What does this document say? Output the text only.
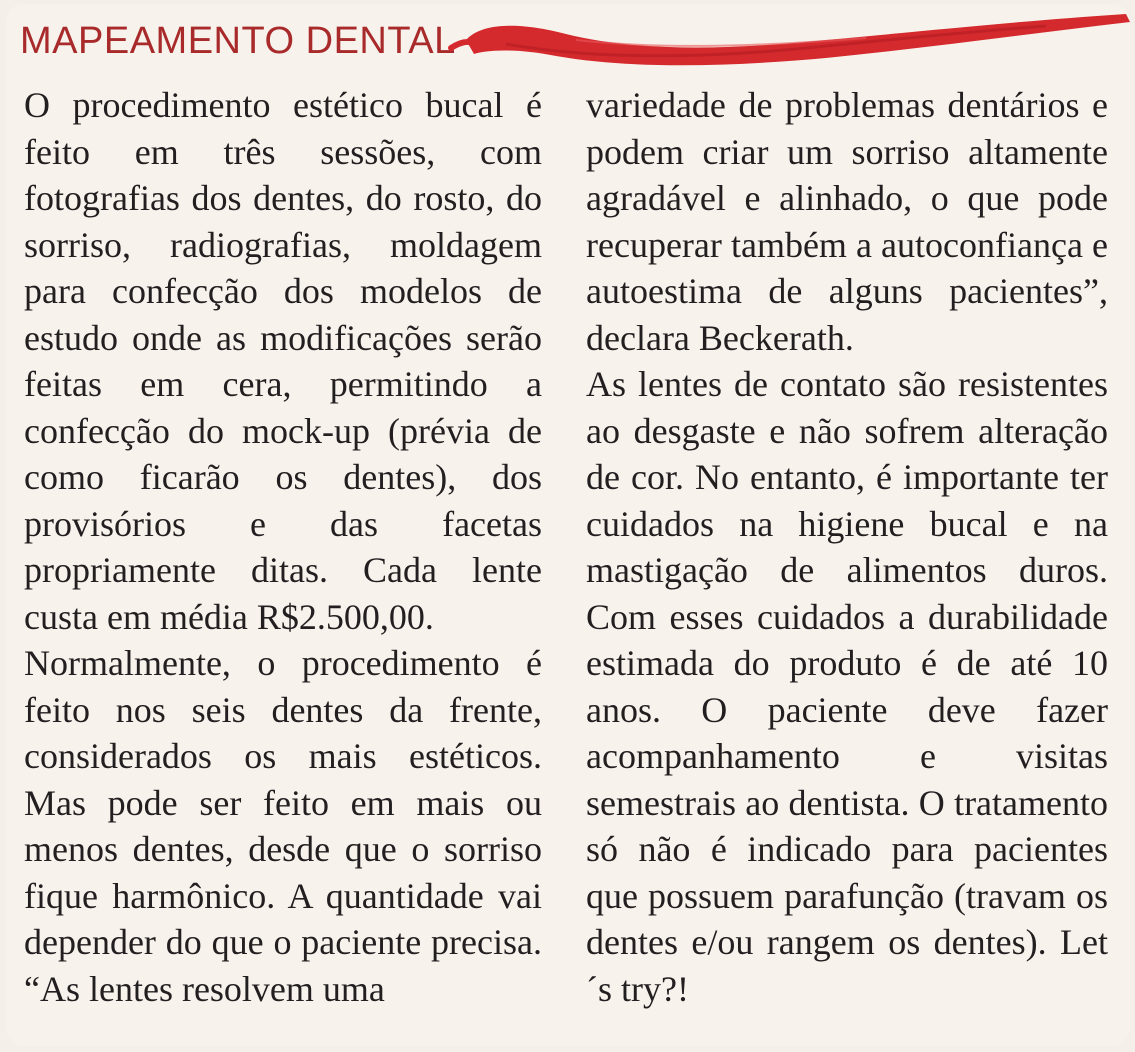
MAPEAMENTO DENTAL

O procedimento estético bucal é feito em três sessões, com fotografias dos dentes, do rosto, do sorriso, radiografias, moldagem para confecção dos modelos de estudo onde as modificações serão feitas em cera, permitindo a confecção do mock-up (prévia de como ficarão os dentes), dos provisórios e das facetas propriamente ditas. Cada lente custa em média R$2.500,00.

Normalmente, o procedimento é feito nos seis dentes da frente, considerados os mais estéticos. Mas pode ser feito em mais ou menos dentes, desde que o sorriso fique harmônico. A quantidade vai depender do que o paciente precisa. “As lentes resolvem uma

variedade de problemas dentários e podem criar um sorriso altamente agradável e alinhado, o que pode recuperar também a autoconfiança e autoestima de alguns pacientes”, declara Beckerath.

As lentes de contato são resistentes ao desgaste e não sofrem alteração de cor. No entanto, é importante ter cuidados na higiene bucal e na mastigação de alimentos duros. Com esses cuidados a durabilidade estimada do produto é de até 10 anos. O paciente deve fazer acompanhamento e visitas semestrais ao dentista. O tratamento só não é indicado para pacientes que possuem parafunção (travam os dentes e/ou rangem os dentes). Let´s try?!
